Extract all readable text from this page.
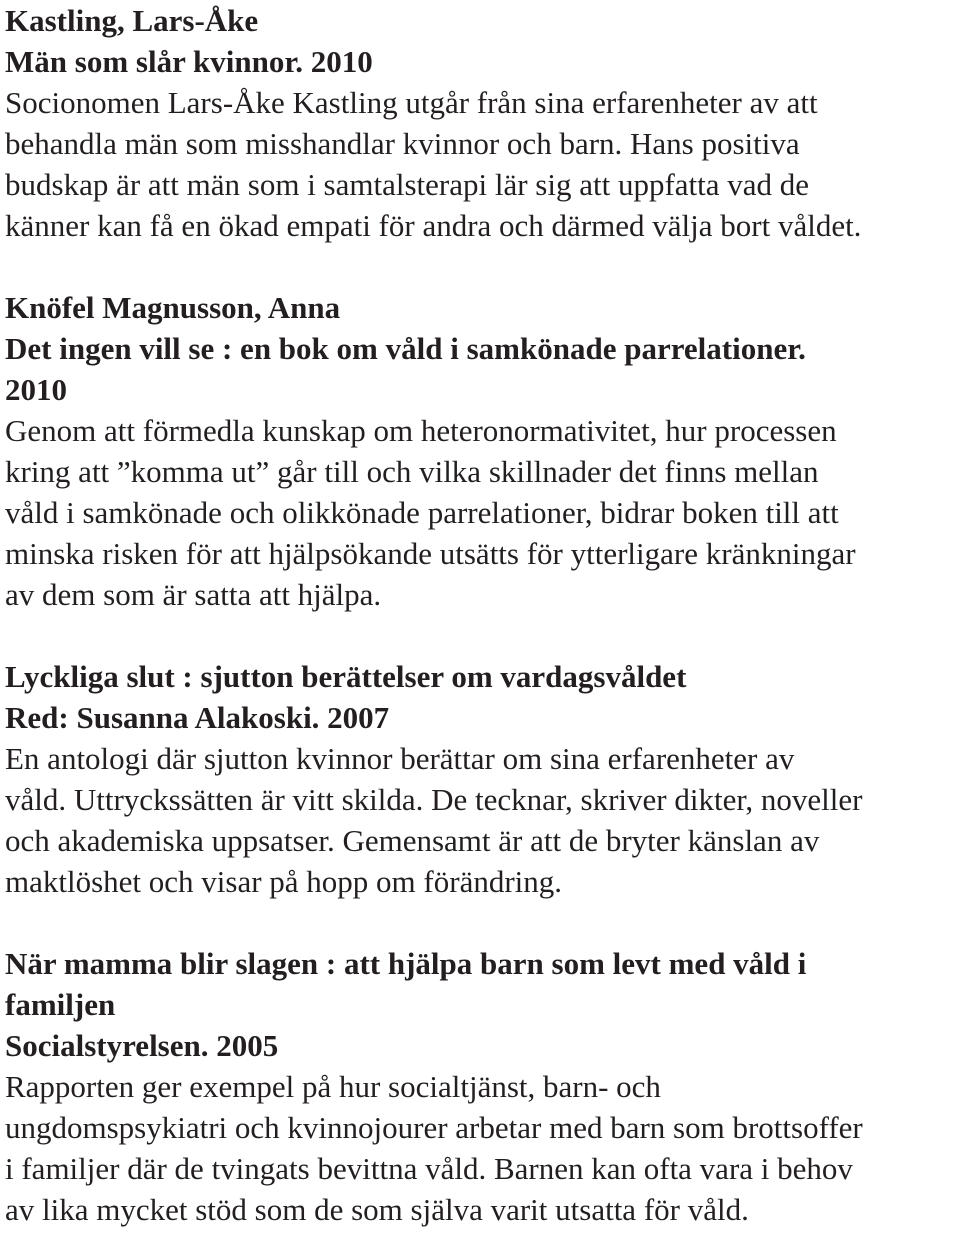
Kastling, Lars-Åke
Män som slår kvinnor. 2010
Socionomen Lars-Åke Kastling utgår från sina erfarenheter av att
behandla män som misshandlar kvinnor och barn. Hans positiva
budskap är att män som i samtalsterapi lär sig att uppfatta vad de
känner kan få en ökad empati för andra och därmed välja bort våldet.
Knöfel Magnusson, Anna
Det ingen vill se : en bok om våld i samkönade parrelationer.
2010
Genom att förmedla kunskap om heteronormativitet, hur processen
kring att ”komma ut” går till och vilka skillnader det finns mellan
våld i samkönade och olikkönade parrelationer, bidrar boken till att
minska risken för att hjälpsökande utsätts för ytterligare kränkningar
av dem som är satta att hjälpa.
Lyckliga slut : sjutton berättelser om vardagsvåldet
Red: Susanna Alakoski. 2007
En antologi där sjutton kvinnor berättar om sina erfarenheter av
våld. Uttryckssätten är vitt skilda. De tecknar, skriver dikter, noveller
och akademiska uppsatser. Gemensamt är att de bryter känslan av
maktlöshet och visar på hopp om förändring.
När mamma blir slagen : att hjälpa barn som levt med våld i
familjen
Socialstyrelsen. 2005
Rapporten ger exempel på hur socialtjänst, barn- och
ungdomspsykiatri och kvinnojourer arbetar med barn som brottsoffer
i familjer där de tvingats bevittna våld. Barnen kan ofta vara i behov
av lika mycket stöd som de som själva varit utsatta för våld.
